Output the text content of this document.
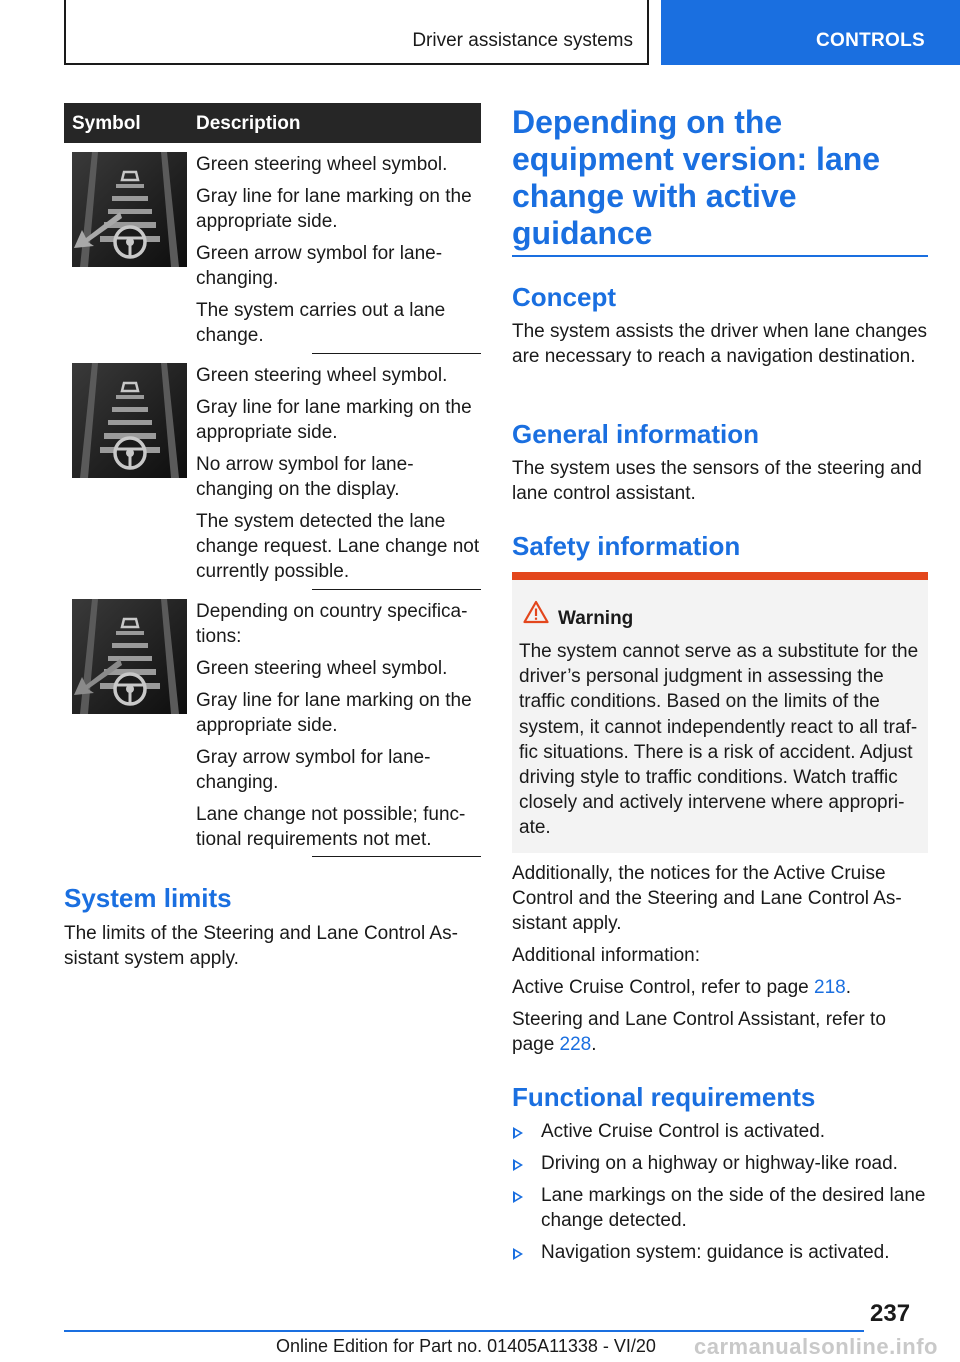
Driver assistance systems	CONTROLS
Symbol	Description

Green steering wheel symbol.

Gray line for lane marking on the appropriate side.

Green arrow symbol for lane-changing.

The system carries out a lane change.

Green steering wheel symbol.

Gray line for lane marking on the appropriate side.

No arrow symbol for lane-changing on the display.

The system detected the lane change request. Lane change not currently possible.

Depending on country specifica-tions:

Green steering wheel symbol.

Gray line for lane marking on the appropriate side.

Gray arrow symbol for lane-changing.

Lane change not possible; func-tional requirements not met.

System limits
The limits of the Steering and Lane Control As-sistant system apply.
Depending on the equipment version: lane change with active guidance
Concept
The system assists the driver when lane changes are necessary to reach a navigation destination.
General information
The system uses the sensors of the steering and lane control assistant.
Safety information
Warning
The system cannot serve as a substitute for the driver’s personal judgment in assessing the traffic conditions. Based on the limits of the system, it cannot independently react to all traf-fic situations. There is a risk of accident. Adjust driving style to traffic conditions. Watch traffic closely and actively intervene where appropri-ate.
Additionally, the notices for the Active Cruise Control and the Steering and Lane Control As-sistant apply.
Additional information:
Active Cruise Control, refer to page 218.
Steering and Lane Control Assistant, refer to page 228.
Functional requirements
Active Cruise Control is activated.
Driving on a highway or highway-like road.
Lane markings on the side of the desired lane change detected.
Navigation system: guidance is activated.
237
Online Edition for Part no. 01405A11338 - VI/20 carmanualsonline.info
